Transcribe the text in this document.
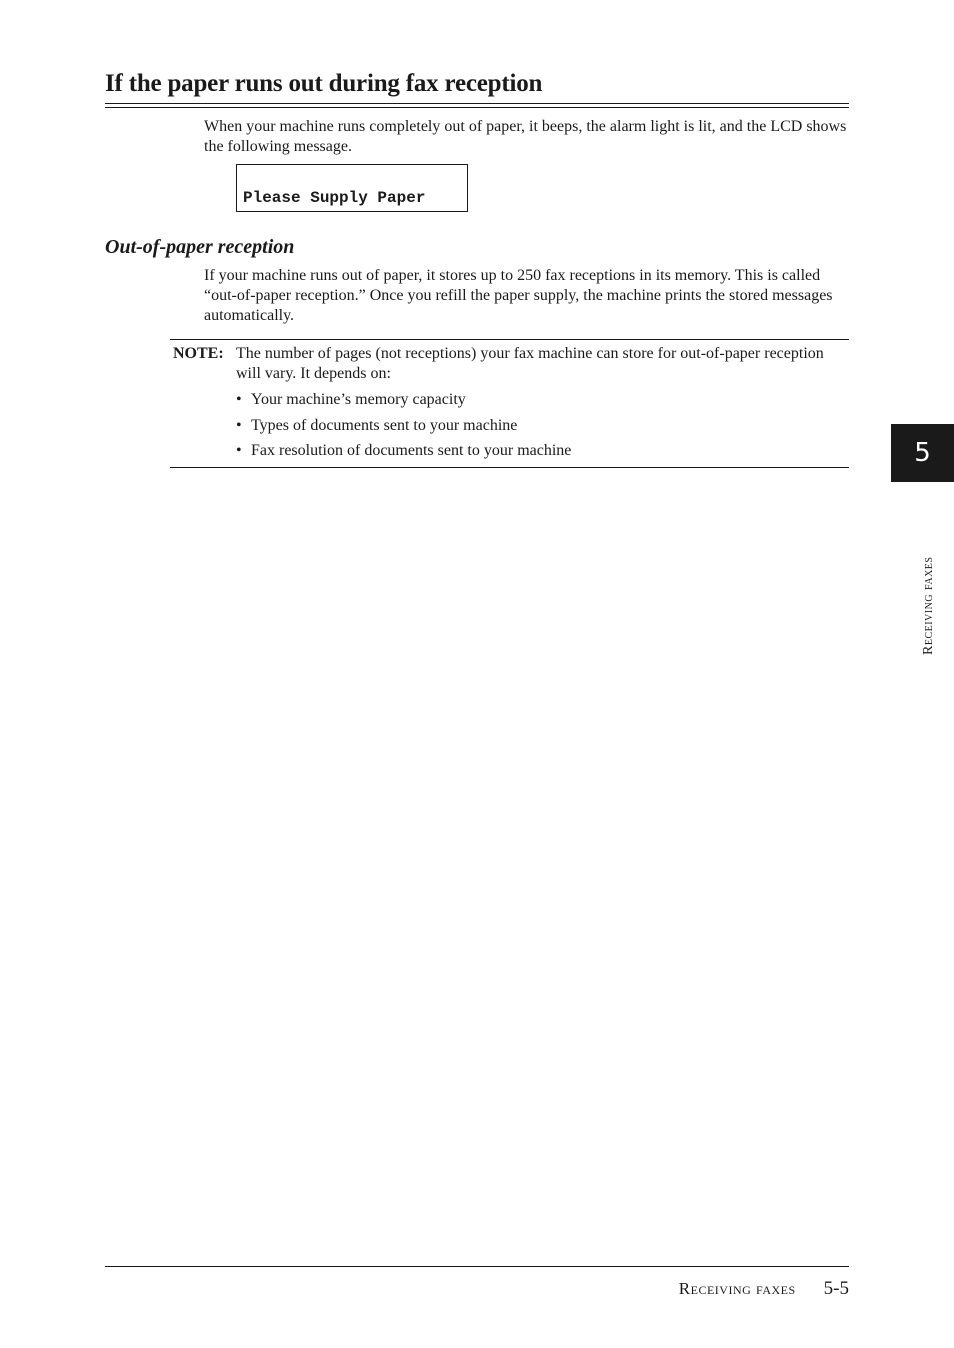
If the paper runs out during fax reception

When your machine runs completely out of paper, it beeps, the alarm light is lit, and the LCD shows the following message.

Please Supply Paper
Out-of-paper reception

If your machine runs out of paper, it stores up to 250 fax receptions in its memory. This is called “out-of-paper reception.” Once you refill the paper supply, the machine prints the stored messages automatically.

NOTE: The number of pages (not receptions) your fax machine can store for out-of-paper reception will vary. It depends on:

• Your machine’s memory capacity
• Types of documents sent to your machine
• Fax resolution of documents sent to your machine	5
Receiving faxes
Receiving faxes 5-5
